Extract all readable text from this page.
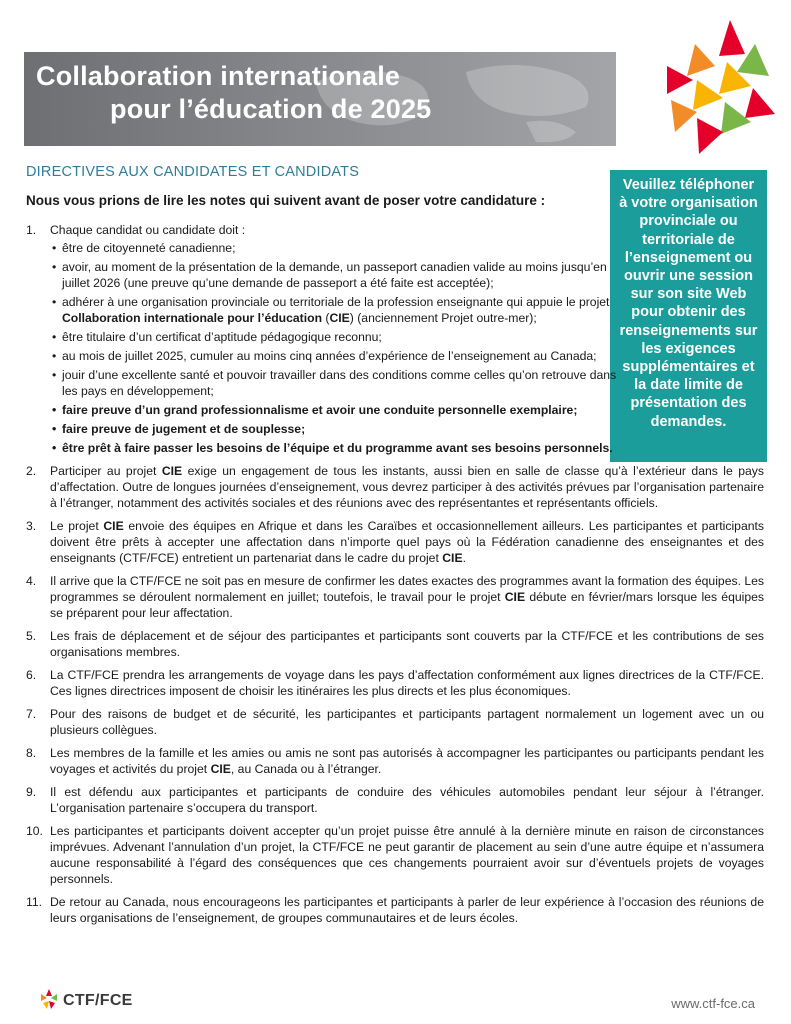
Collaboration internationale
pour l’éducation de 2025
DIRECTIVES AUX CANDIDATES ET CANDIDATS
Nous vous prions de lire les notes qui suivent avant de poser votre candidature :
Veuillez téléphoner à votre organisation provinciale ou territoriale de l’enseignement ou ouvrir une session sur son site Web pour obtenir des renseignements sur les exigences supplémentaires et la date limite de présentation des demandes.
1.	Chaque candidat ou candidate doit :
• être de citoyenneté canadienne;
• avoir, au moment de la présentation de la demande, un passeport canadien valide au moins jusqu’en juillet 2026 (une preuve qu’une demande de passeport a été faite est acceptée);
• adhérer à une organisation provinciale ou territoriale de la profession enseignante qui appuie le projet Collaboration internationale pour l’éducation (CIE) (anciennement Projet outre-mer);
• être titulaire d’un certificat d’aptitude pédagogique reconnu;
• au mois de juillet 2025, cumuler au moins cinq années d’expérience de l’enseignement au Canada;
• jouir d’une excellente santé et pouvoir travailler dans des conditions comme celles qu’on retrouve dans les pays en développement;
• faire preuve d’un grand professionnalisme et avoir une conduite personnelle exemplaire;
• faire preuve de jugement et de souplesse;
• être prêt à faire passer les besoins de l’équipe et du programme avant ses besoins personnels.
2.	Participer au projet CIE exige un engagement de tous les instants, aussi bien en salle de classe qu’à l’extérieur dans le pays d’affectation. Outre de longues journées d’enseignement, vous devrez participer à des activités prévues par l’organisation partenaire à l’étranger, notamment des activités sociales et des réunions avec des représentantes et représentants officiels.
3.	Le projet CIE envoie des équipes en Afrique et dans les Caraïbes et occasionnellement ailleurs. Les participantes et participants doivent être prêts à accepter une affectation dans n’importe quel pays où la Fédération canadienne des enseignantes et des enseignants (CTF/FCE) entretient un partenariat dans le cadre du projet CIE.
4.	Il arrive que la CTF/FCE ne soit pas en mesure de confirmer les dates exactes des programmes avant la formation des équipes. Les programmes se déroulent normalement en juillet; toutefois, le travail pour le projet CIE débute en février/mars lorsque les équipes se préparent pour leur affectation.
5.	Les frais de déplacement et de séjour des participantes et participants sont couverts par la CTF/FCE et les contributions de ses organisations membres.
6.	La CTF/FCE prendra les arrangements de voyage dans les pays d’affectation conformément aux lignes directrices de la CTF/FCE. Ces lignes directrices imposent de choisir les itinéraires les plus directs et les plus économiques.
7.	Pour des raisons de budget et de sécurité, les participantes et participants partagent normalement un logement avec un ou plusieurs collègues.
8.	Les membres de la famille et les amies ou amis ne sont pas autorisés à accompagner les participantes ou participants pendant les voyages et activités du projet CIE, au Canada ou à l’étranger.
9.	Il est défendu aux participantes et participants de conduire des véhicules automobiles pendant leur séjour à l’étranger. L’organisation partenaire s’occupera du transport.
10. Les participantes et participants doivent accepter qu’un projet puisse être annulé à la dernière minute en raison de circonstances imprévues. Advenant l’annulation d’un projet, la CTF/FCE ne peut garantir de placement au sein d’une autre équipe et n’assumera aucune responsabilité à l’égard des conséquences que ces changements pourraient avoir sur d’éventuels projets de voyages personnels.
11. De retour au Canada, nous encourageons les participantes et participants à parler de leur expérience à l’occasion des réunions de leurs organisations de l’enseignement, de groupes communautaires et de leurs écoles.
CTF/FCE	www.ctf-fce.ca
